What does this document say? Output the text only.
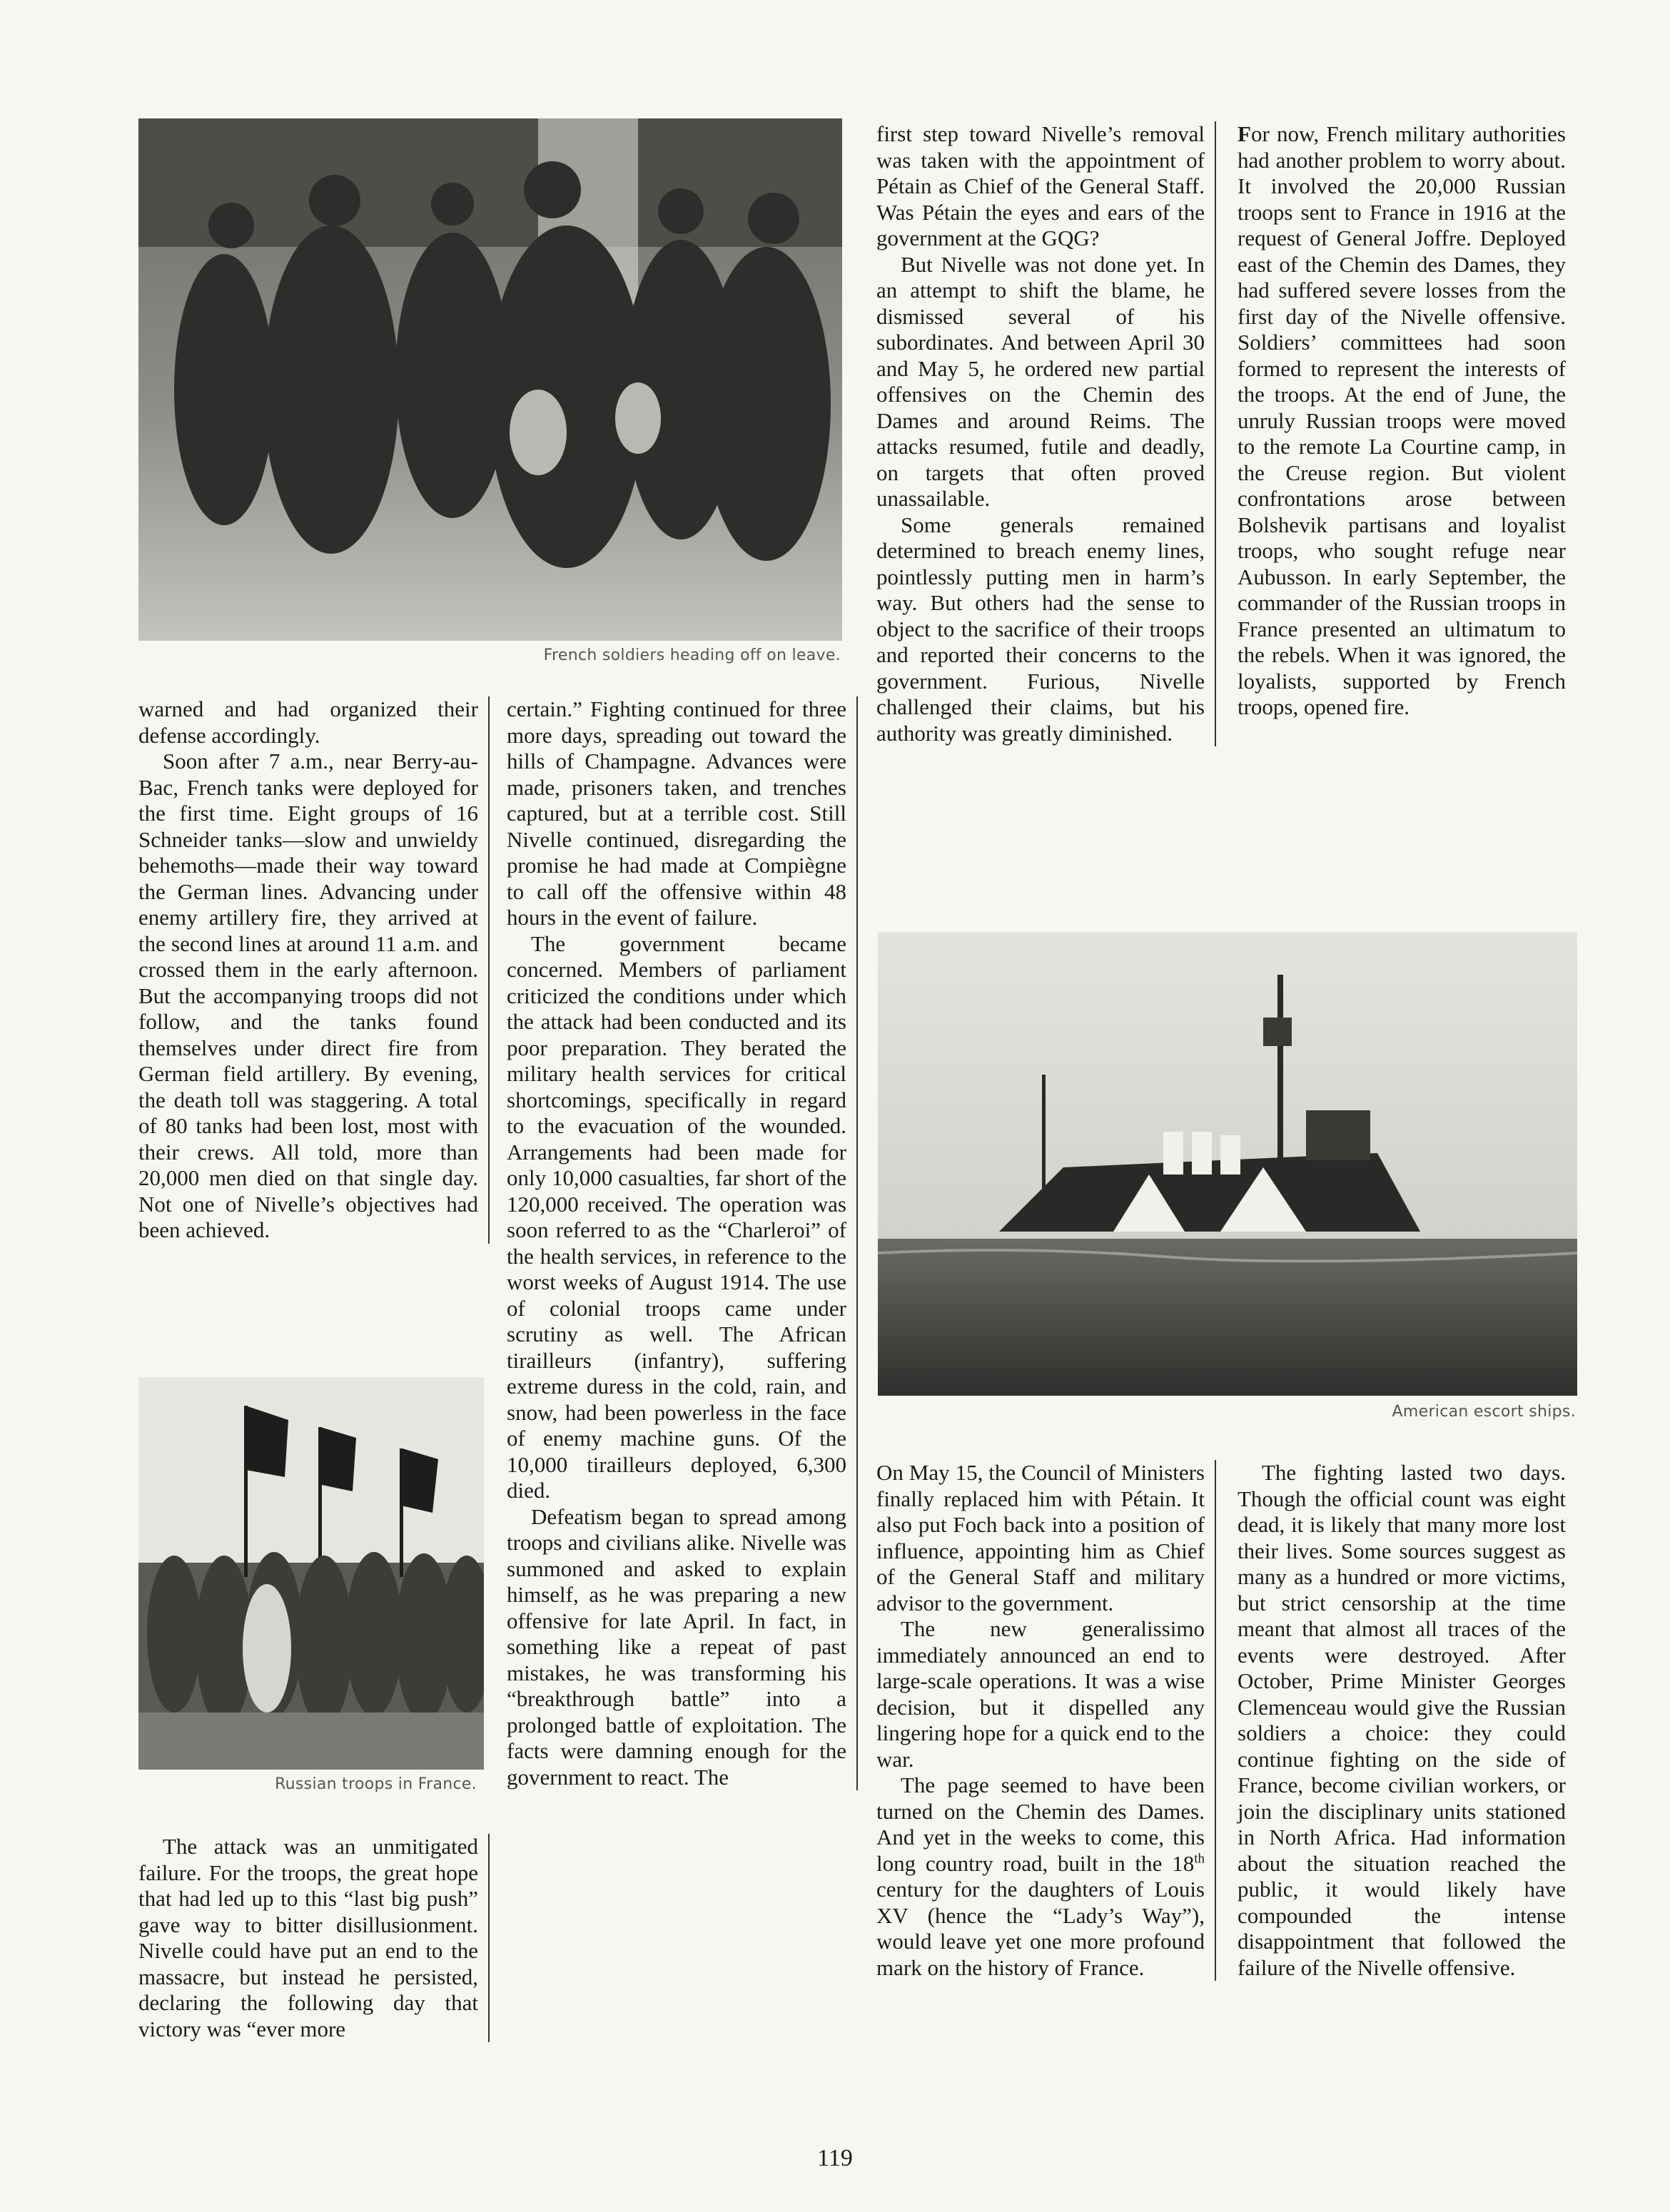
French soldiers heading off on leave.

warned and had organized their defense accordingly.

Soon after 7 a.m., near Berry-au-Bac, French tanks were deployed for the first time. Eight groups of 16 Schneider tanks—slow and unwieldy behemoths—made their way toward the German lines. Advancing under enemy artillery fire, they arrived at the second lines at around 11 a.m. and crossed them in the early afternoon. But the accompanying troops did not follow, and the tanks found themselves under direct fire from German field artillery. By evening, the death toll was staggering. A total of 80 tanks had been lost, most with their crews. All told, more than 20,000 men died on that single day. Not one of Nivelle’s objectives had been achieved.

Russian troops in France.

The attack was an unmitigated failure. For the troops, the great hope that had led up to this “last big push” gave way to bitter disillusionment. Nivelle could have put an end to the massacre, but instead he persisted, declaring the following day that victory was “ever more

certain.” Fighting continued for three more days, spreading out toward the hills of Champagne. Advances were made, prisoners taken, and trenches captured, but at a terrible cost. Still Nivelle continued, disregarding the promise he had made at Compiègne to call off the offensive within 48 hours in the event of failure.

The government became concerned. Members of parliament criticized the conditions under which the attack had been conducted and its poor preparation. They berated the military health services for critical shortcomings, specifically in regard to the evacuation of the wounded. Arrangements had been made for only 10,000 casualties, far short of the 120,000 received. The operation was soon referred to as the “Charleroi” of the health services, in reference to the worst weeks of August 1914. The use of colonial troops came under scrutiny as well. The African tirailleurs (infantry), suffering extreme duress in the cold, rain, and snow, had been powerless in the face of enemy machine guns. Of the 10,000 tirailleurs deployed, 6,300 died.

Defeatism began to spread among troops and civilians alike. Nivelle was summoned and asked to explain himself, as he was preparing a new offensive for late April. In fact, in something like a repeat of past mistakes, he was transforming his “breakthrough battle” into a prolonged battle of exploitation. The facts were damning enough for the government to react. The

first step toward Nivelle’s removal was taken with the appointment of Pétain as Chief of the General Staff. Was Pétain the eyes and ears of the government at the GQG?

But Nivelle was not done yet. In an attempt to shift the blame, he dismissed several of his subordinates. And between April 30 and May 5, he ordered new partial offensives on the Chemin des Dames and around Reims. The attacks resumed, futile and deadly, on targets that often proved unassailable.

Some generals remained determined to breach enemy lines, pointlessly putting men in harm’s way. But others had the sense to object to the sacrifice of their troops and reported their concerns to the government. Furious, Nivelle challenged their claims, but his authority was greatly diminished.

For now, French military authorities had another problem to worry about. It involved the 20,000 Russian troops sent to France in 1916 at the request of General Joffre. Deployed east of the Chemin des Dames, they had suffered severe losses from the first day of the Nivelle offensive. Soldiers’ committees had soon formed to represent the interests of the troops. At the end of June, the unruly Russian troops were moved to the remote La Courtine camp, in the Creuse region. But violent confrontations arose between Bolshevik partisans and loyalist troops, who sought refuge near Aubusson. In early September, the commander of the Russian troops in France presented an ultimatum to the rebels. When it was ignored, the loyalists, supported by French troops, opened fire.

American escort ships.

On May 15, the Council of Ministers finally replaced him with Pétain. It also put Foch back into a position of influence, appointing him as Chief of the General Staff and military advisor to the government.

The new generalissimo immediately announced an end to large-scale operations. It was a wise decision, but it dispelled any lingering hope for a quick end to the war.

The page seemed to have been turned on the Chemin des Dames. And yet in the weeks to come, this long country road, built in the 18th century for the daughters of Louis XV (hence the “Lady’s Way”), would leave yet one more profound mark on the history of France.

The fighting lasted two days. Though the official count was eight dead, it is likely that many more lost their lives. Some sources suggest as many as a hundred or more victims, but strict censorship at the time meant that almost all traces of the events were destroyed. After October, Prime Minister Georges Clemenceau would give the Russian soldiers a choice: they could continue fighting on the side of France, become civilian workers, or join the disciplinary units stationed in North Africa. Had information about the situation reached the public, it would likely have compounded the intense disappointment that followed the failure of the Nivelle offensive.

119
